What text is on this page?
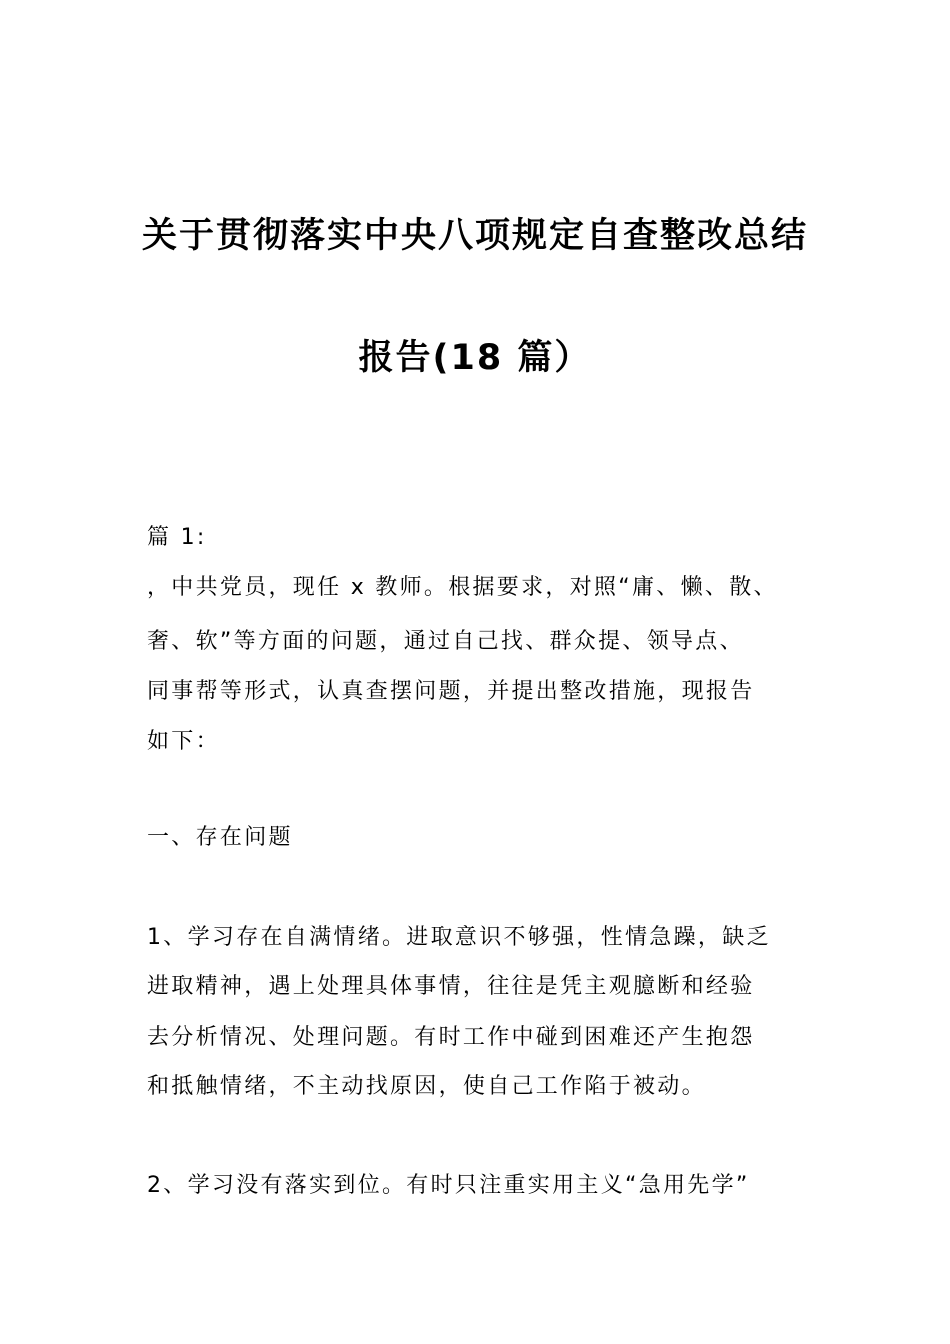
关于贯彻落实中央八项规定自查整改总结
报告(18 篇）
篇 1:
，中共党员，现任 x 教师。根据要求，对照“庸、懒、散、
奢、软”等方面的问题，通过自己找、群众提、领导点、
同事帮等形式，认真查摆问题，并提出整改措施，现报告
如下：
一、存在问题
1、学习存在自满情绪。进取意识不够强，性情急躁，缺乏
进取精神，遇上处理具体事情，往往是凭主观臆断和经验
去分析情况、处理问题。有时工作中碰到困难还产生抱怨
和抵触情绪，不主动找原因，使自己工作陷于被动。
2、学习没有落实到位。有时只注重实用主义“急用先学”
